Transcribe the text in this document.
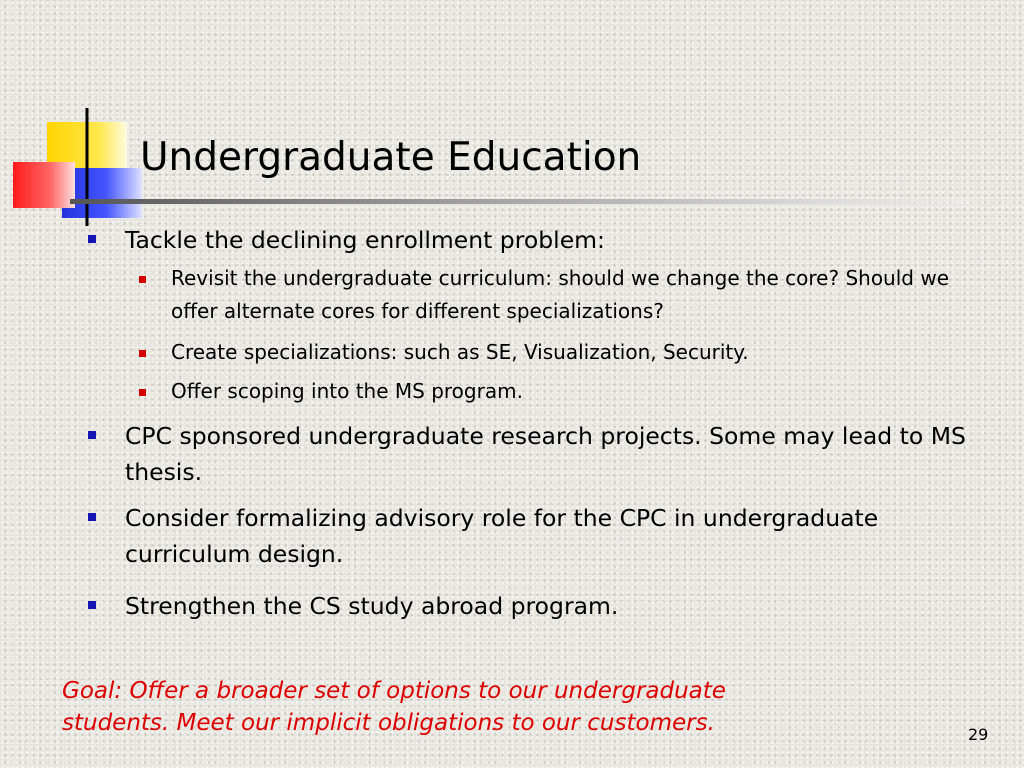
Undergraduate Education
Tackle the declining enrollment problem:
Revisit the undergraduate curriculum: should we change the core? Should we offer alternate cores for different specializations?
Create specializations: such as SE, Visualization, Security.
Offer scoping into the MS program.
CPC sponsored undergraduate research projects. Some may lead to MS thesis.
Consider formalizing advisory role for the CPC in undergraduate curriculum design.
Strengthen the CS study abroad program.
Goal: Offer a broader set of options to our undergraduate
students. Meet our implicit obligations to our customers.	29
